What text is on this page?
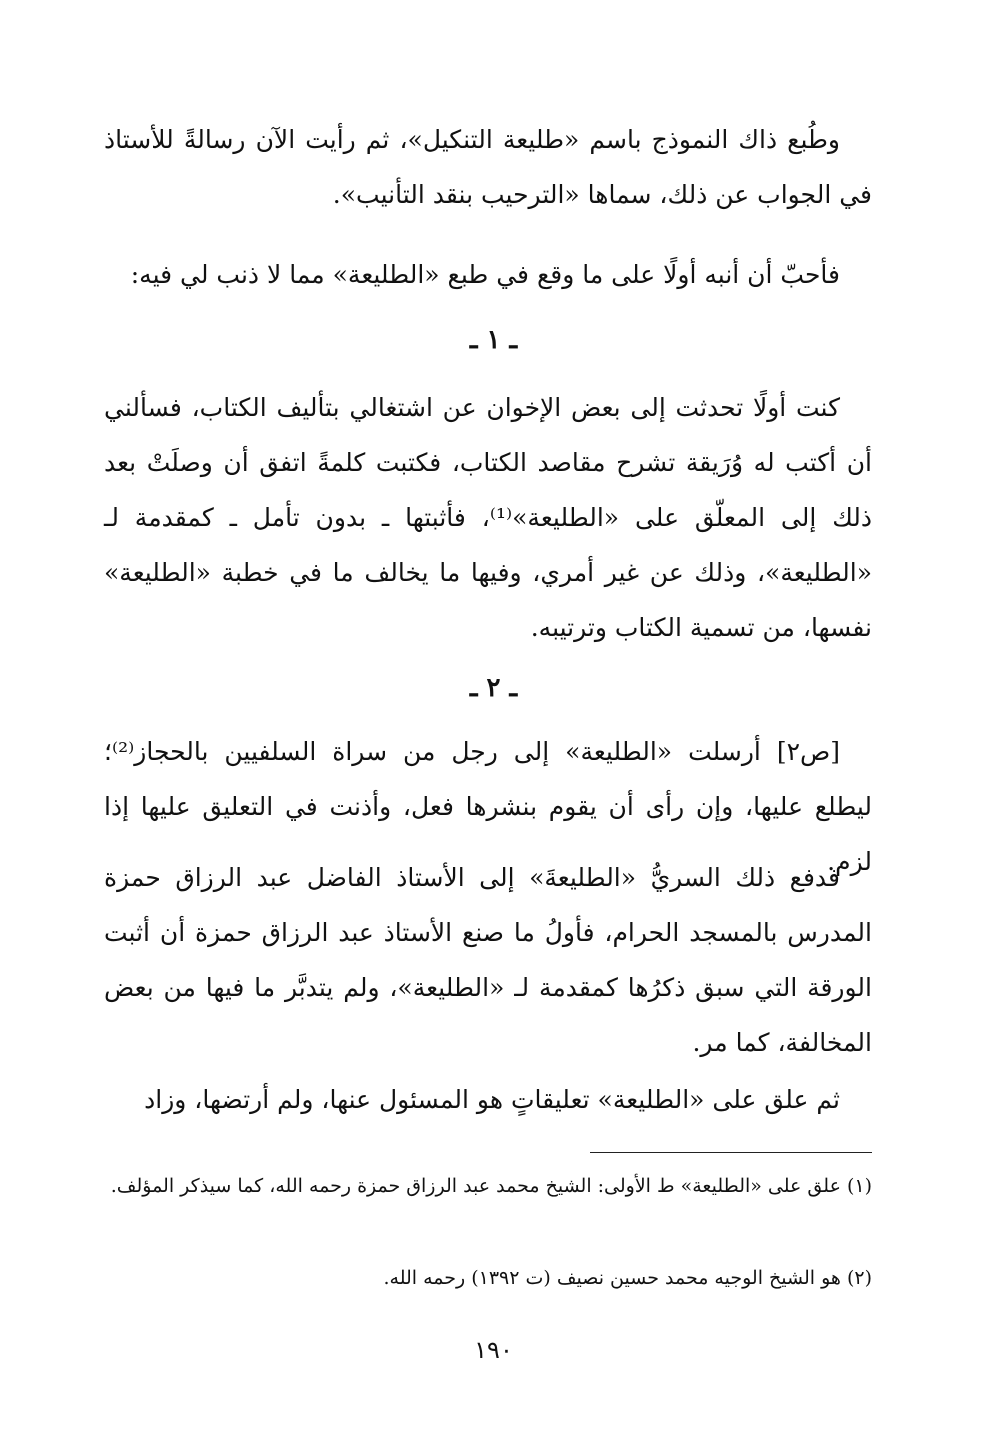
وطُبع ذاك النموذج باسم «طليعة التنكيل»، ثم رأيت الآن رسالةً للأستاذ في الجواب عن ذلك، سماها «الترحيب بنقد التأنيب».

فأحبّ أن أنبه أولًا على ما وقع في طبع «الطليعة» مما لا ذنب لي فيه:

ـ ١ ـ

كنت أولًا تحدثت إلى بعض الإخوان عن اشتغالي بتأليف الكتاب، فسألني أن أكتب له وُرَيقة تشرح مقاصد الكتاب، فكتبت كلمةً اتفق أن وصلَتْ بعد ذلك إلى المعلّق على «الطليعة»⁽¹⁾، فأثبتها ـ بدون تأمل ـ كمقدمة لـ «الطليعة»، وذلك عن غير أمري، وفيها ما يخالف ما في خطبة «الطليعة» نفسها، من تسمية الكتاب وترتيبه.

ـ ٢ ـ

[ص٢] أرسلت «الطليعة» إلى رجل من سراة السلفيين بالحجاز⁽²⁾؛ ليطلع عليها، وإن رأى أن يقوم بنشرها فعل، وأذنت في التعليق عليها إذا لزم.

فدفع ذلك السريُّ «الطليعةَ» إلى الأستاذ الفاضل عبد الرزاق حمزة المدرس بالمسجد الحرام، فأولُ ما صنع الأستاذ عبد الرزاق حمزة أن أثبت الورقة التي سبق ذكرُها كمقدمة لـ «الطليعة»، ولم يتدبَّر ما فيها من بعض المخالفة، كما مر.

ثم علق على «الطليعة» تعليقاتٍ هو المسئول عنها، ولم أرتضها، وزاد

(١) علق على «الطليعة» ط الأولى: الشيخ محمد عبد الرزاق حمزة رحمه الله، كما سيذكر المؤلف.

(٢) هو الشيخ الوجيه محمد حسين نصيف (ت ١٣٩٢) رحمه الله.

١٩٠
